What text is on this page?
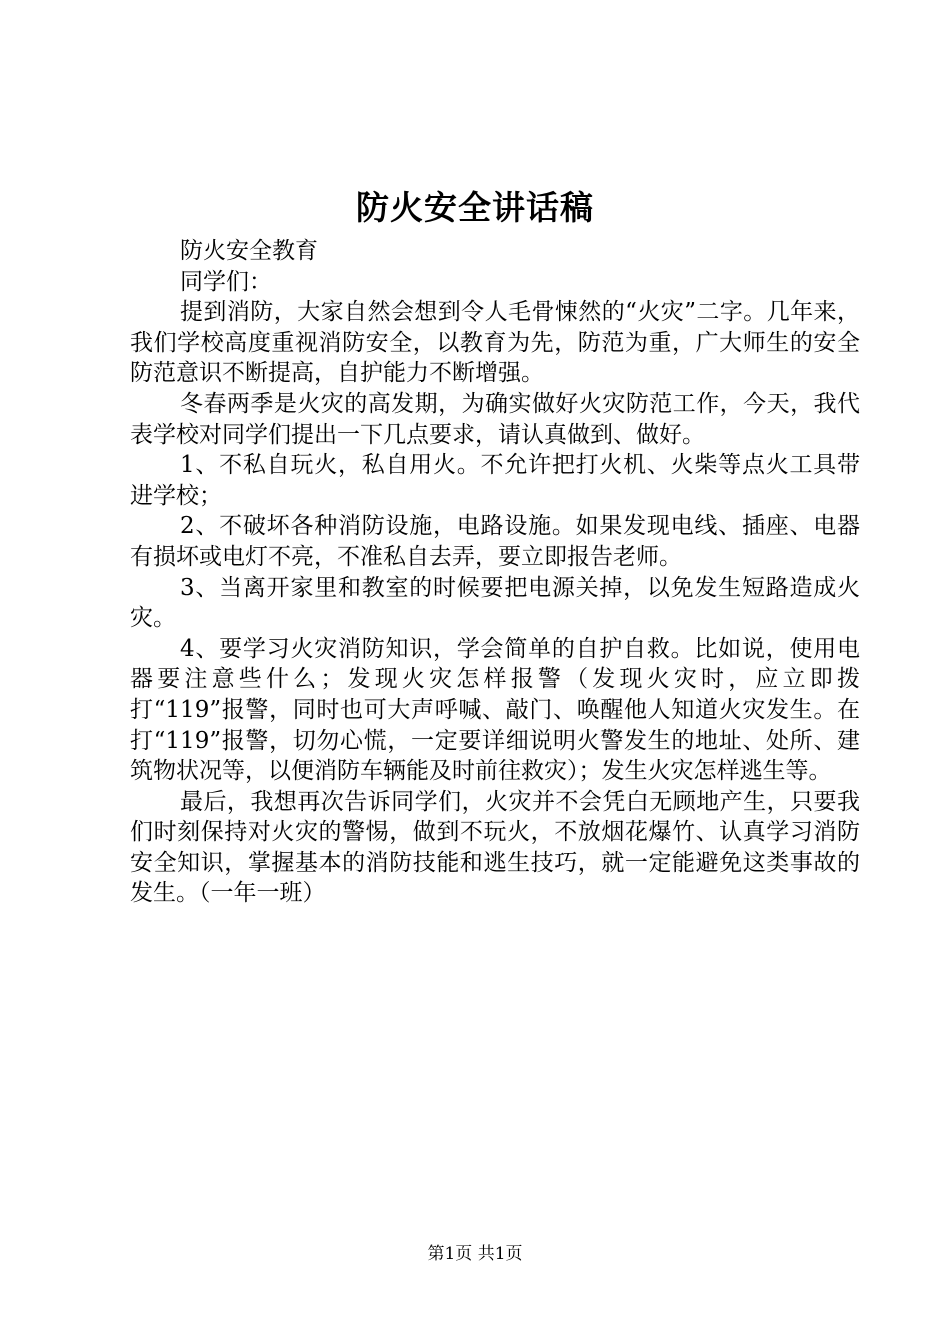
防火安全讲话稿

防火安全教育

同学们：

提到消防，大家自然会想到令人毛骨悚然的“火灾”二字。几年来，我们学校高度重视消防安全，以教育为先，防范为重，广大师生的安全防范意识不断提高，自护能力不断增强。

冬春两季是火灾的高发期，为确实做好火灾防范工作，今天，我代表学校对同学们提出一下几点要求，请认真做到、做好。

1、不私自玩火，私自用火。不允许把打火机、火柴等点火工具带进学校；

2、不破坏各种消防设施，电路设施。如果发现电线、插座、电器有损坏或电灯不亮，不准私自去弄，要立即报告老师。

3、当离开家里和教室的时候要把电源关掉，以免发生短路造成火灾。

4、要学习火灾消防知识，学会简单的自护自救。比如说，使用电器要注意些什么；发现火灾怎样报警（发现火灾时，应立即拨打“119”报警，同时也可大声呼喊、敲门、唤醒他人知道火灾发生。在打“119”报警，切勿心慌，一定要详细说明火警发生的地址、处所、建筑物状况等，以便消防车辆能及时前往救灾）；发生火灾怎样逃生等。

最后，我想再次告诉同学们，火灾并不会凭白无顾地产生，只要我们时刻保持对火灾的警惕，做到不玩火，不放烟花爆竹、认真学习消防安全知识，掌握基本的消防技能和逃生技巧，就一定能避免这类事故的发生。（一年一班）

第1页 共1页
